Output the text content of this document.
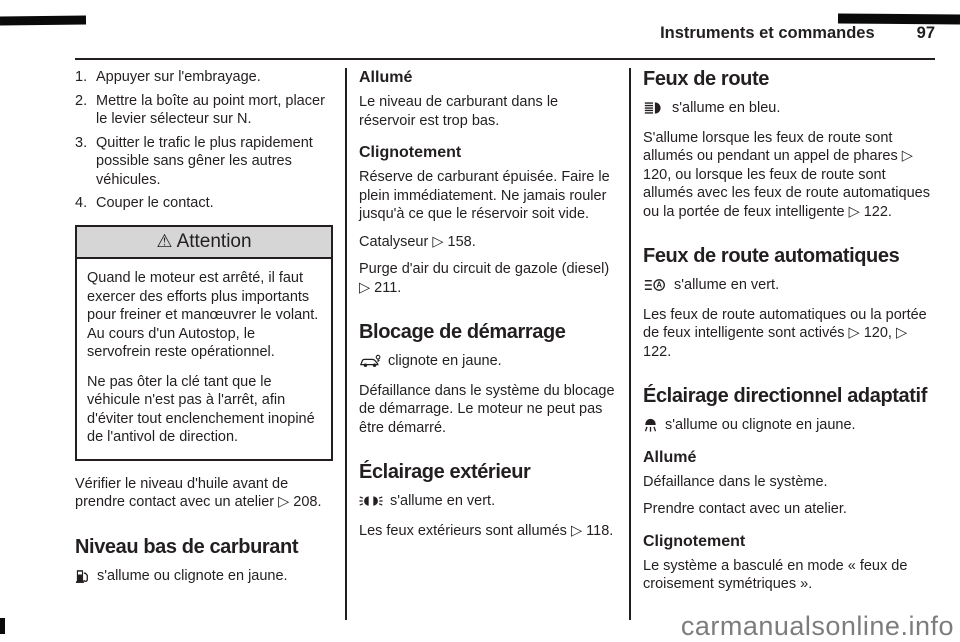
Instruments et commandes	97
1. Appuyer sur l'embrayage.
2. Mettre la boîte au point mort, placer le levier sélecteur sur N.
3. Quitter le trafic le plus rapidement possible sans gêner les autres véhicules.
4. Couper le contact.
⚠ Attention

Quand le moteur est arrêté, il faut exercer des efforts plus importants pour freiner et manœuvrer le volant. Au cours d'un Autostop, le servofrein reste opérationnel.

Ne pas ôter la clé tant que le véhicule n'est pas à l'arrêt, afin d'éviter tout enclenchement inopiné de l'antivol de direction.

Vérifier le niveau d'huile avant de prendre contact avec un atelier ▷ 208.

Niveau bas de carburant
s'allume ou clignote en jaune.
Allumé

Le niveau de carburant dans le réservoir est trop bas.

Clignotement

Réserve de carburant épuisée. Faire le plein immédiatement. Ne jamais rouler jusqu'à ce que le réservoir soit vide.

Catalyseur ▷ 158.

Purge d'air du circuit de gazole (diesel) ▷ 211.

Blocage de démarrage
clignote en jaune.

Défaillance dans le système du blocage de démarrage. Le moteur ne peut pas être démarré.

Éclairage extérieur
s'allume en vert.

Les feux extérieurs sont allumés ▷ 118.

Feux de route
s'allume en bleu.

S'allume lorsque les feux de route sont allumés ou pendant un appel de phares ▷ 120, ou lorsque les feux de route sont allumés avec les feux de route automatiques ou la portée de feux intelligente ▷ 122.

Feux de route automatiques
A s'allume en vert.

Les feux de route automatiques ou la portée de feux intelligente sont activés ▷ 120, ▷ 122.

Éclairage directionnel adaptatif
s'allume ou clignote en jaune.
Allumé

Défaillance dans le système.

Prendre contact avec un atelier.

Clignotement

Le système a basculé en mode « feux de croisement symétriques ».

carmanualsonline.info
